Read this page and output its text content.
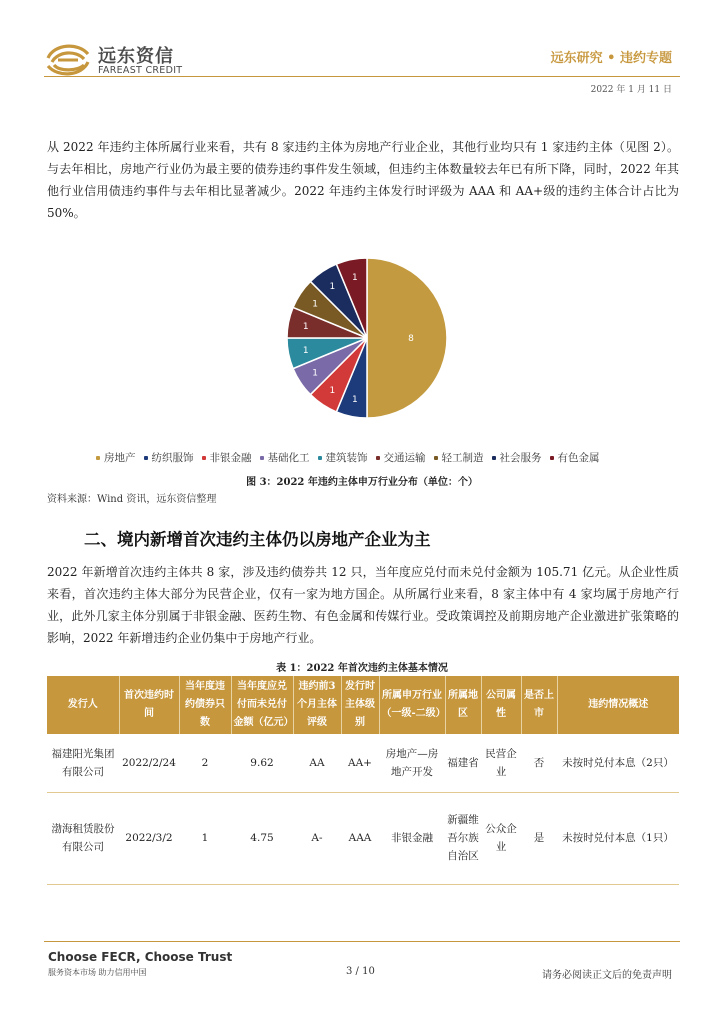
远东资信
FAREAST CREDIT
远东研究 • 违约专题
2022 年 1 月 11 日
从 2022 年违约主体所属行业来看，共有 8 家违约主体为房地产行业企业，其他行业均只有 1 家违约主体（见图 2）。与去年相比，房地产行业仍为最主要的债券违约事件发生领域，但违约主体数量较去年已有所下降，同时，2022 年其他行业信用债违约事件与去年相比显著减少。2022 年违约主体发行时评级为 AAA 和 AA+级的违约主体合计占比为 50%。
8
1
1
1
1
1
1
1
1
房地产 纺织服饰 非银金融 基础化工 建筑装饰 交通运输 轻工制造 社会服务 有色金属
图 3：2022 年违约主体申万行业分布（单位：个）
资料来源：Wind 资讯，远东资信整理
二、境内新增首次违约主体仍以房地产企业为主
2022 年新增首次违约主体共 8 家，涉及违约债券共 12 只，当年度应兑付而未兑付金额为 105.71 亿元。从企业性质来看，首次违约主体大部分为民营企业，仅有一家为地方国企。从所属行业来看，8 家主体中有 4 家均属于房地产行业，此外几家主体分别属于非银金融、医药生物、有色金属和传媒行业。受政策调控及前期房地产企业激进扩张策略的影响，2022 年新增违约企业仍集中于房地产行业。
表 1：2022 年首次违约主体基本情况
发行人	首次违约时间	当年度违约债券只数	当年度应兑付而未兑付金额（亿元）	违约前3个月主体评级	发行时主体级别	所属申万行业（一级-二级）	所属地区	公司属性	是否上市	违约情况概述
福建阳光集团有限公司	2022/2/24	2	9.62	AA	AA+	房地产—房地产开发	福建省	民营企业	否	未按时兑付本息（2只）
渤海租赁股份有限公司	2022/3/2	1	4.75	A-	AAA	非银金融	新疆维吾尔族自治区	公众企业	是	未按时兑付本息（1只）
Choose FECR, Choose Trust
服务资本市场 助力信用中国	3 / 10	请务必阅读正文后的免责声明
